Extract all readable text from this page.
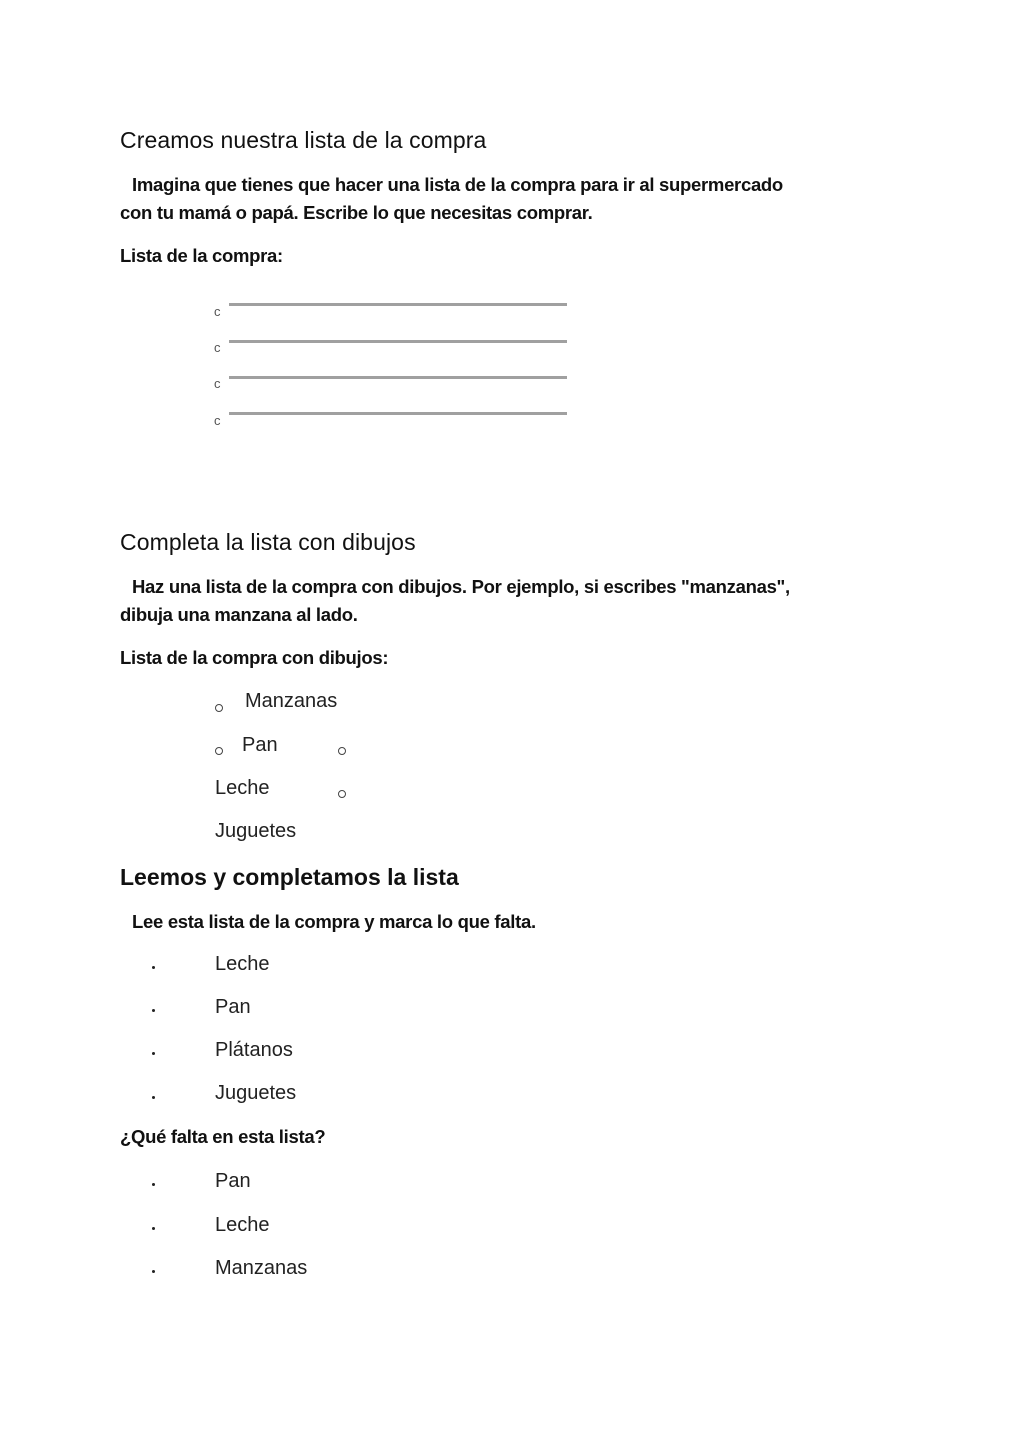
Creamos nuestra lista de la compra
Imagina que tienes que hacer una lista de la compra para ir al supermercado
con tu mamá o papá. Escribe lo que necesitas comprar.
Lista de la compra:
c
c
c
c
Completa la lista con dibujos
Haz una lista de la compra con dibujos. Por ejemplo, si escribes "manzanas",
dibuja una manzana al lado.
Lista de la compra con dibujos:
Manzanas
Pan
Leche
Juguetes
Leemos y completamos la lista
Lee esta lista de la compra y marca lo que falta.
Leche
Pan
Plátanos
Juguetes
¿Qué falta en esta lista?
Pan
Leche
Manzanas
